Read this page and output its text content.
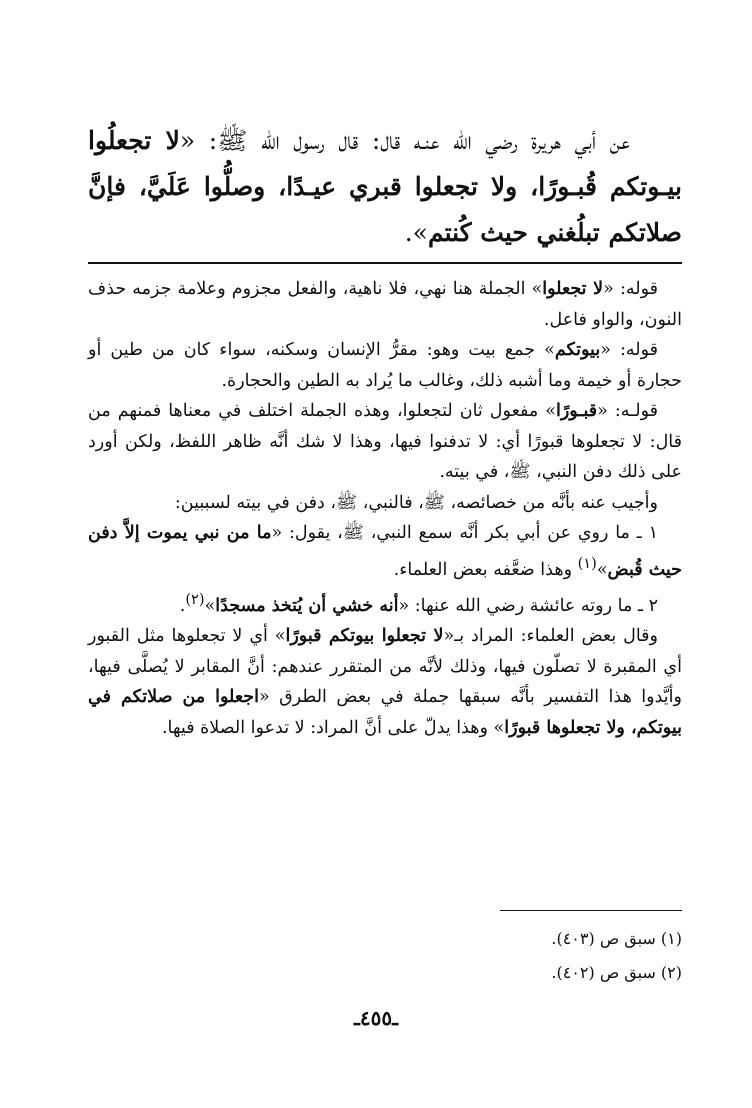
عن أبي هريرة رضي الله عنـه قال: قال رسول الله ﷺ: «لا تجعلُوا بيـوتكم قُبـورًا، ولا تجعلوا قبري عيـدًا، وصلُّوا عَلَيَّ، فإنَّ صلاتكم تبلُغني حيث كُنتم».

قوله: «لا تجعلوا» الجملة هنا نهي، فلا ناهية، والفعل مجزوم وعلامة جزمه حذف النون، والواو فاعل.

قوله: «بيوتكم» جمع بيت وهو: مقرُّ الإنسان وسكنه، سواء كان من طين أو حجارة أو خيمة وما أشبه ذلك، وغالب ما يُراد به الطين والحجارة.

قولـه: «قبـورًا» مفعول ثان لتجعلوا، وهذه الجملة اختلف في معناها فمنهم من قال: لا تجعلوها قبورًا أي: لا تدفنوا فيها، وهذا لا شك أنَّه ظاهر اللفظ، ولكن أورد على ذلك دفن النبي، ﷺ، في بيته.

وأجيب عنه بأنَّه من خصائصه، ﷺ، فالنبي، ﷺ، دفن في بيته لسببين:

١ ـ ما روي عن أبي بكر أنَّه سمع النبي، ﷺ، يقول: «ما من نبي يموت إلاَّ دفن حيث قُبض»$^{(١)}$ وهذا ضعَّفه بعض العلماء.

٢ ـ ما روته عائشة رضي الله عنها: «أنه خشي أن يُتخذ مسجدًا»$^{(٢)}$.

وقال بعض العلماء: المراد بـ«لا تجعلوا بيوتكم قبورًا» أي لا تجعلوها مثل القبور أي المقبرة لا تصلّون فيها، وذلك لأنَّه من المتقرر عندهم: أنَّ المقابر لا يُصلَّى فيها، وأيَّدوا هذا التفسير بأنَّه سبقها جملة في بعض الطرق «اجعلوا من صلاتكم في بيوتكم، ولا تجعلوها قبورًا» وهذا يدلّ على أنَّ المراد: لا تدعوا الصلاة فيها.

(١) سبق ص (٤٠٣).

(٢) سبق ص (٤٠٢).

ـ٤٥٥ـ
